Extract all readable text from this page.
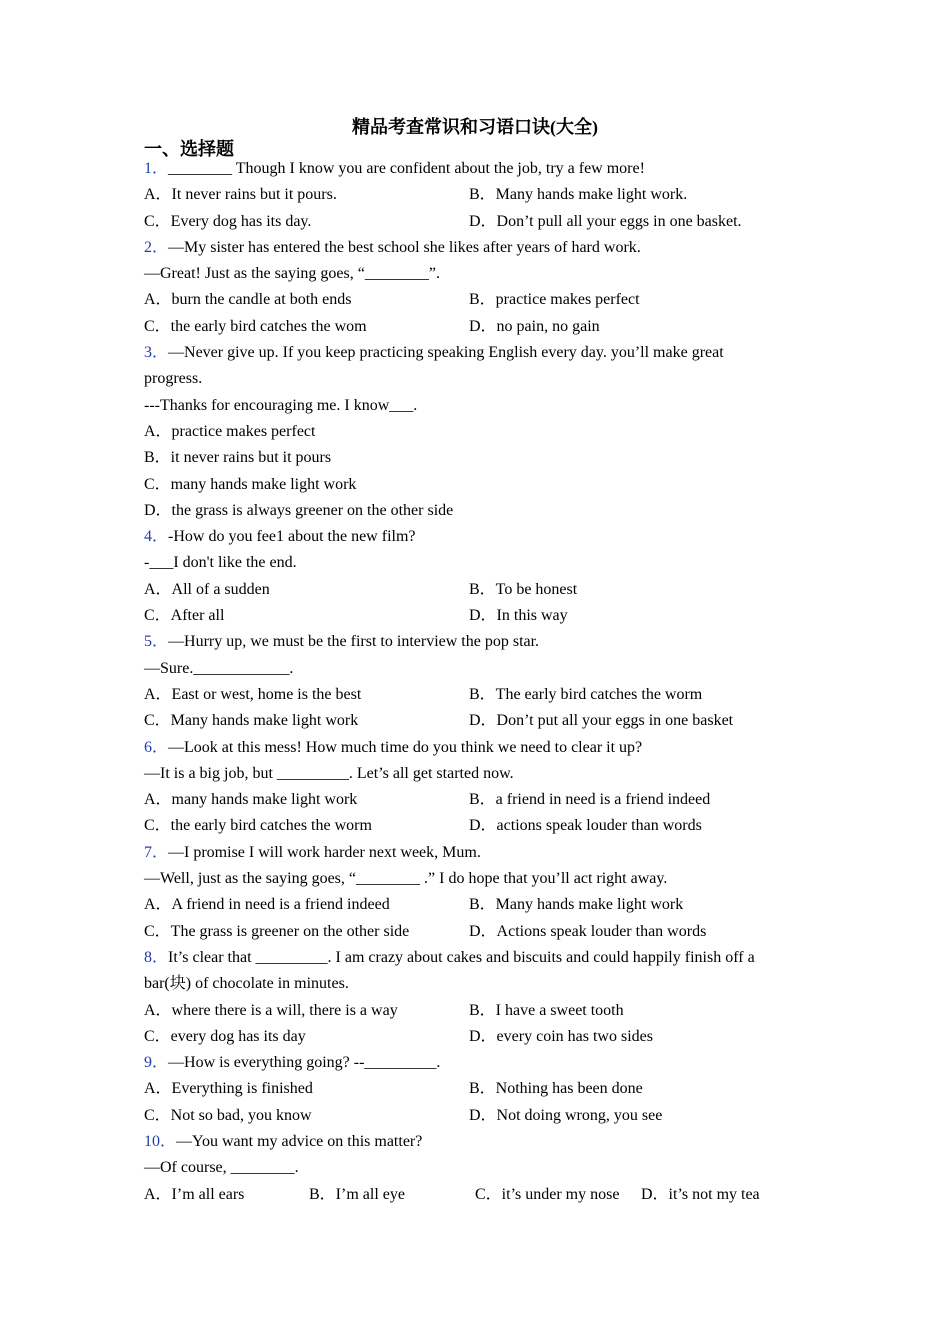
精品考查常识和习语口诀(大全)
一、选择题
1．________ Though I know you are confident about the job, try a few more!
A．It never rains but it pours.	B．Many hands make light work.
C．Every dog has its day.	D．Don’t pull all your eggs in one basket.
2．—My sister has entered the best school she likes after years of hard work.
—Great! Just as the saying goes, “________”.
A．burn the candle at both ends	B．practice makes perfect
C．the early bird catches the wom	D．no pain, no gain
3．—Never give up. If you keep practicing speaking English every day. you’ll make great
progress.
---Thanks for encouraging me. I know___.
A．practice makes perfect
B．it never rains but it pours
C．many hands make light work
D．the grass is always greener on the other side
4．-How do you fee1 about the new film?
-___I don't like the end.
A．All of a sudden	B．To be honest
C．After all	D．In this way
5．—Hurry up, we must be the first to interview the pop star.
—Sure.____________.
A．East or west, home is the best	B．The early bird catches the worm
C．Many hands make light work	D．Don’t put all your eggs in one basket
6．—Look at this mess! How much time do you think we need to clear it up?
—It is a big job, but _________. Let’s all get started now.
A．many hands make light work	B．a friend in need is a friend indeed
C．the early bird catches the worm	D．actions speak louder than words
7．—I promise I will work harder next week, Mum.
—Well, just as the saying goes, “________ .” I do hope that you’ll act right away.
A．A friend in need is a friend indeed	B．Many hands make light work
C．The grass is greener on the other side	D．Actions speak louder than words
8．It’s clear that _________. I am crazy about cakes and biscuits and could happily finish off a
bar(块) of chocolate in minutes.
A．where there is a will, there is a way	B．I have a sweet tooth
C．every dog has its day	D．every coin has two sides
9．—How is everything going? --_________.
A．Everything is finished	B．Nothing has been done
C．Not so bad, you know	D．Not doing wrong, you see
10．—You want my advice on this matter?
—Of course, ________.
A．I’m all ears	B．I’m all eye	C．it’s under my nose	D．it’s not my tea
